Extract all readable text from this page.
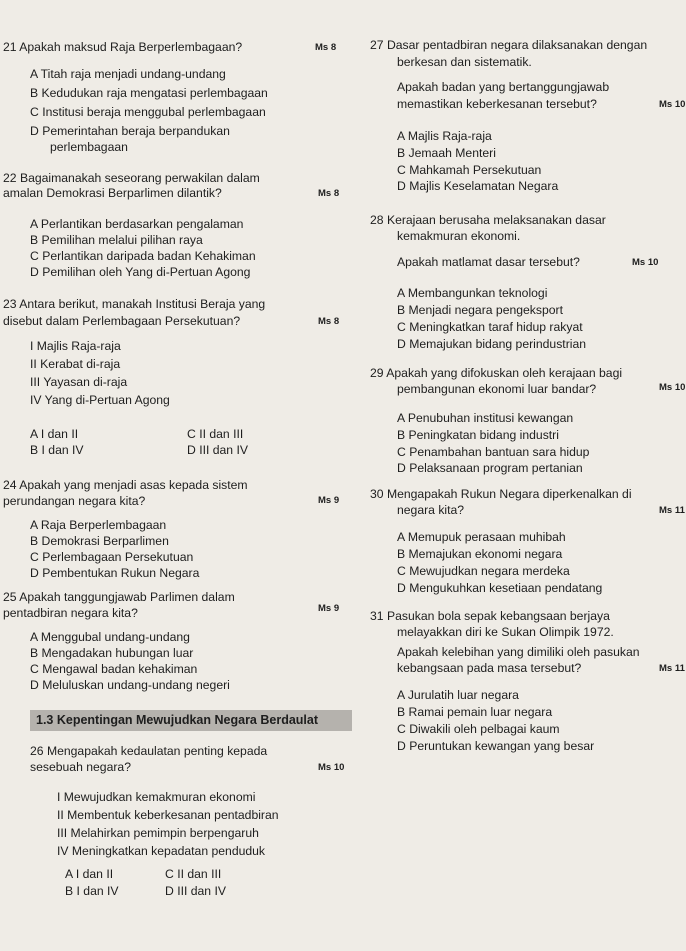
21 Apakah maksud Raja Berperlembagaan?	Ms 8
A Titah raja menjadi undang-undang
B Kedudukan raja mengatasi perlembagaan
C Institusi beraja menggubal perlembagaan
D Pemerintahan beraja berpandukan
perlembagaan
22 Bagaimanakah seseorang perwakilan dalam
amalan Demokrasi Berparlimen dilantik?	Ms 8
A Perlantikan berdasarkan pengalaman
B Pemilihan melalui pilihan raya
C Perlantikan daripada badan Kehakiman
D Pemilihan oleh Yang di-Pertuan Agong
23 Antara berikut, manakah Institusi Beraja yang
disebut dalam Perlembagaan Persekutuan?	Ms 8
I Majlis Raja-raja
II Kerabat di-raja
III Yayasan di-raja
IV Yang di-Pertuan Agong
A I dan II
B I dan IV
C II dan III
D III dan IV
24 Apakah yang menjadi asas kepada sistem
perundangan negara kita?	Ms 9
A Raja Berperlembagaan
B Demokrasi Berparlimen
C Perlembagaan Persekutuan
D Pembentukan Rukun Negara
25 Apakah tanggungjawab Parlimen dalam
pentadbiran negara kita?	Ms 9
A Menggubal undang-undang
B Mengadakan hubungan luar
C Mengawal badan kehakiman
D Meluluskan undang-undang negeri
1.3 Kepentingan Mewujudkan Negara Berdaulat
26 Mengapakah kedaulatan penting kepada
sesebuah negara?	Ms 10
I Mewujudkan kemakmuran ekonomi
II Membentuk keberkesanan pentadbiran
III Melahirkan pemimpin berpengaruh
IV Meningkatkan kepadatan penduduk
A I dan II
B I dan IV
C II dan III
D III dan IV
27 Dasar pentadbiran negara dilaksanakan dengan
berkesan dan sistematik.
Apakah badan yang bertanggungjawab
memastikan keberkesanan tersebut?	Ms 10
A Majlis Raja-raja
B Jemaah Menteri
C Mahkamah Persekutuan
D Majlis Keselamatan Negara
28 Kerajaan berusaha melaksanakan dasar
kemakmuran ekonomi.
Apakah matlamat dasar tersebut?	Ms 10
A Membangunkan teknologi
B Menjadi negara pengeksport
C Meningkatkan taraf hidup rakyat
D Memajukan bidang perindustrian
29 Apakah yang difokuskan oleh kerajaan bagi
pembangunan ekonomi luar bandar?	Ms 10
A Penubuhan institusi kewangan
B Peningkatan bidang industri
C Penambahan bantuan sara hidup
D Pelaksanaan program pertanian
30 Mengapakah Rukun Negara diperkenalkan di
negara kita?	Ms 11
A Memupuk perasaan muhibah
B Memajukan ekonomi negara
C Mewujudkan negara merdeka
D Mengukuhkan kesetiaan pendatang
31 Pasukan bola sepak kebangsaan berjaya
melayakkan diri ke Sukan Olimpik 1972.
Apakah kelebihan yang dimiliki oleh pasukan
kebangsaan pada masa tersebut?	Ms 11
A Jurulatih luar negara
B Ramai pemain luar negara
C Diwakili oleh pelbagai kaum
D Peruntukan kewangan yang besar
